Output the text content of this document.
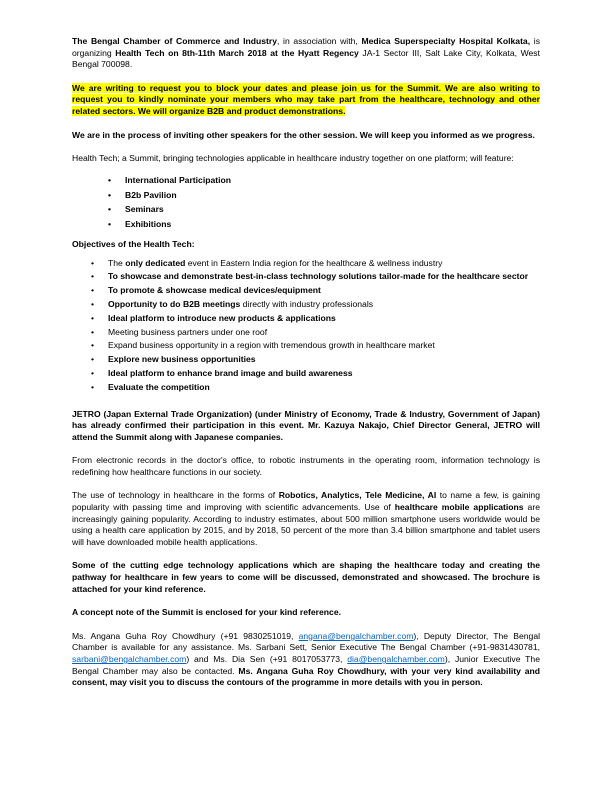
The Bengal Chamber of Commerce and Industry, in association with, Medica Superspecialty Hospital Kolkata, is organizing Health Tech on 8th-11th March 2018 at the Hyatt Regency JA-1 Sector III, Salt Lake City, Kolkata, West Bengal 700098.

We are writing to request you to block your dates and please join us for the Summit. We are also writing to request you to kindly nominate your members who may take part from the healthcare, technology and other related sectors. We will organize B2B and product demonstrations.

We are in the process of inviting other speakers for the other session. We will keep you informed as we progress.

Health Tech; a Summit, bringing technologies applicable in healthcare industry together on one platform; will feature:

• International Participation
• B2b Pavilion
• Seminars
• Exhibitions

Objectives of the Health Tech:

• The only dedicated event in Eastern India region for the healthcare & wellness industry
• To showcase and demonstrate best-in-class technology solutions tailor-made for the healthcare sector
• To promote & showcase medical devices/equipment
• Opportunity to do B2B meetings directly with industry professionals
• Ideal platform to introduce new products & applications
• Meeting business partners under one roof
• Expand business opportunity in a region with tremendous growth in healthcare market
• Explore new business opportunities
• Ideal platform to enhance brand image and build awareness
• Evaluate the competition

JETRO (Japan External Trade Organization) (under Ministry of Economy, Trade & Industry, Government of Japan) has already confirmed their participation in this event. Mr. Kazuya Nakajo, Chief Director General, JETRO will attend the Summit along with Japanese companies.

From electronic records in the doctor's office, to robotic instruments in the operating room, information technology is redefining how healthcare functions in our society.

The use of technology in healthcare in the forms of Robotics, Analytics, Tele Medicine, AI to name a few, is gaining popularity with passing time and improving with scientific advancements. Use of healthcare mobile applications are increasingly gaining popularity. According to industry estimates, about 500 million smartphone users worldwide would be using a health care application by 2015, and by 2018, 50 percent of the more than 3.4 billion smartphone and tablet users will have downloaded mobile health applications.

Some of the cutting edge technology applications which are shaping the healthcare today and creating the pathway for healthcare in few years to come will be discussed, demonstrated and showcased. The brochure is attached for your kind reference.

A concept note of the Summit is enclosed for your kind reference.

Ms. Angana Guha Roy Chowdhury (+91 9830251019, angana@bengalchamber.com), Deputy Director, The Bengal Chamber is available for any assistance. Ms. Sarbani Sett, Senior Executive The Bengal Chamber (+91-9831430781, sarbani@bengalchamber.com) and Ms. Dia Sen (+91 8017053773, dia@bengalchamber.com), Junior Executive The Bengal Chamber may also be contacted. Ms. Angana Guha Roy Chowdhury, with your very kind availability and consent, may visit you to discuss the contours of the programme in more details with you in person.
